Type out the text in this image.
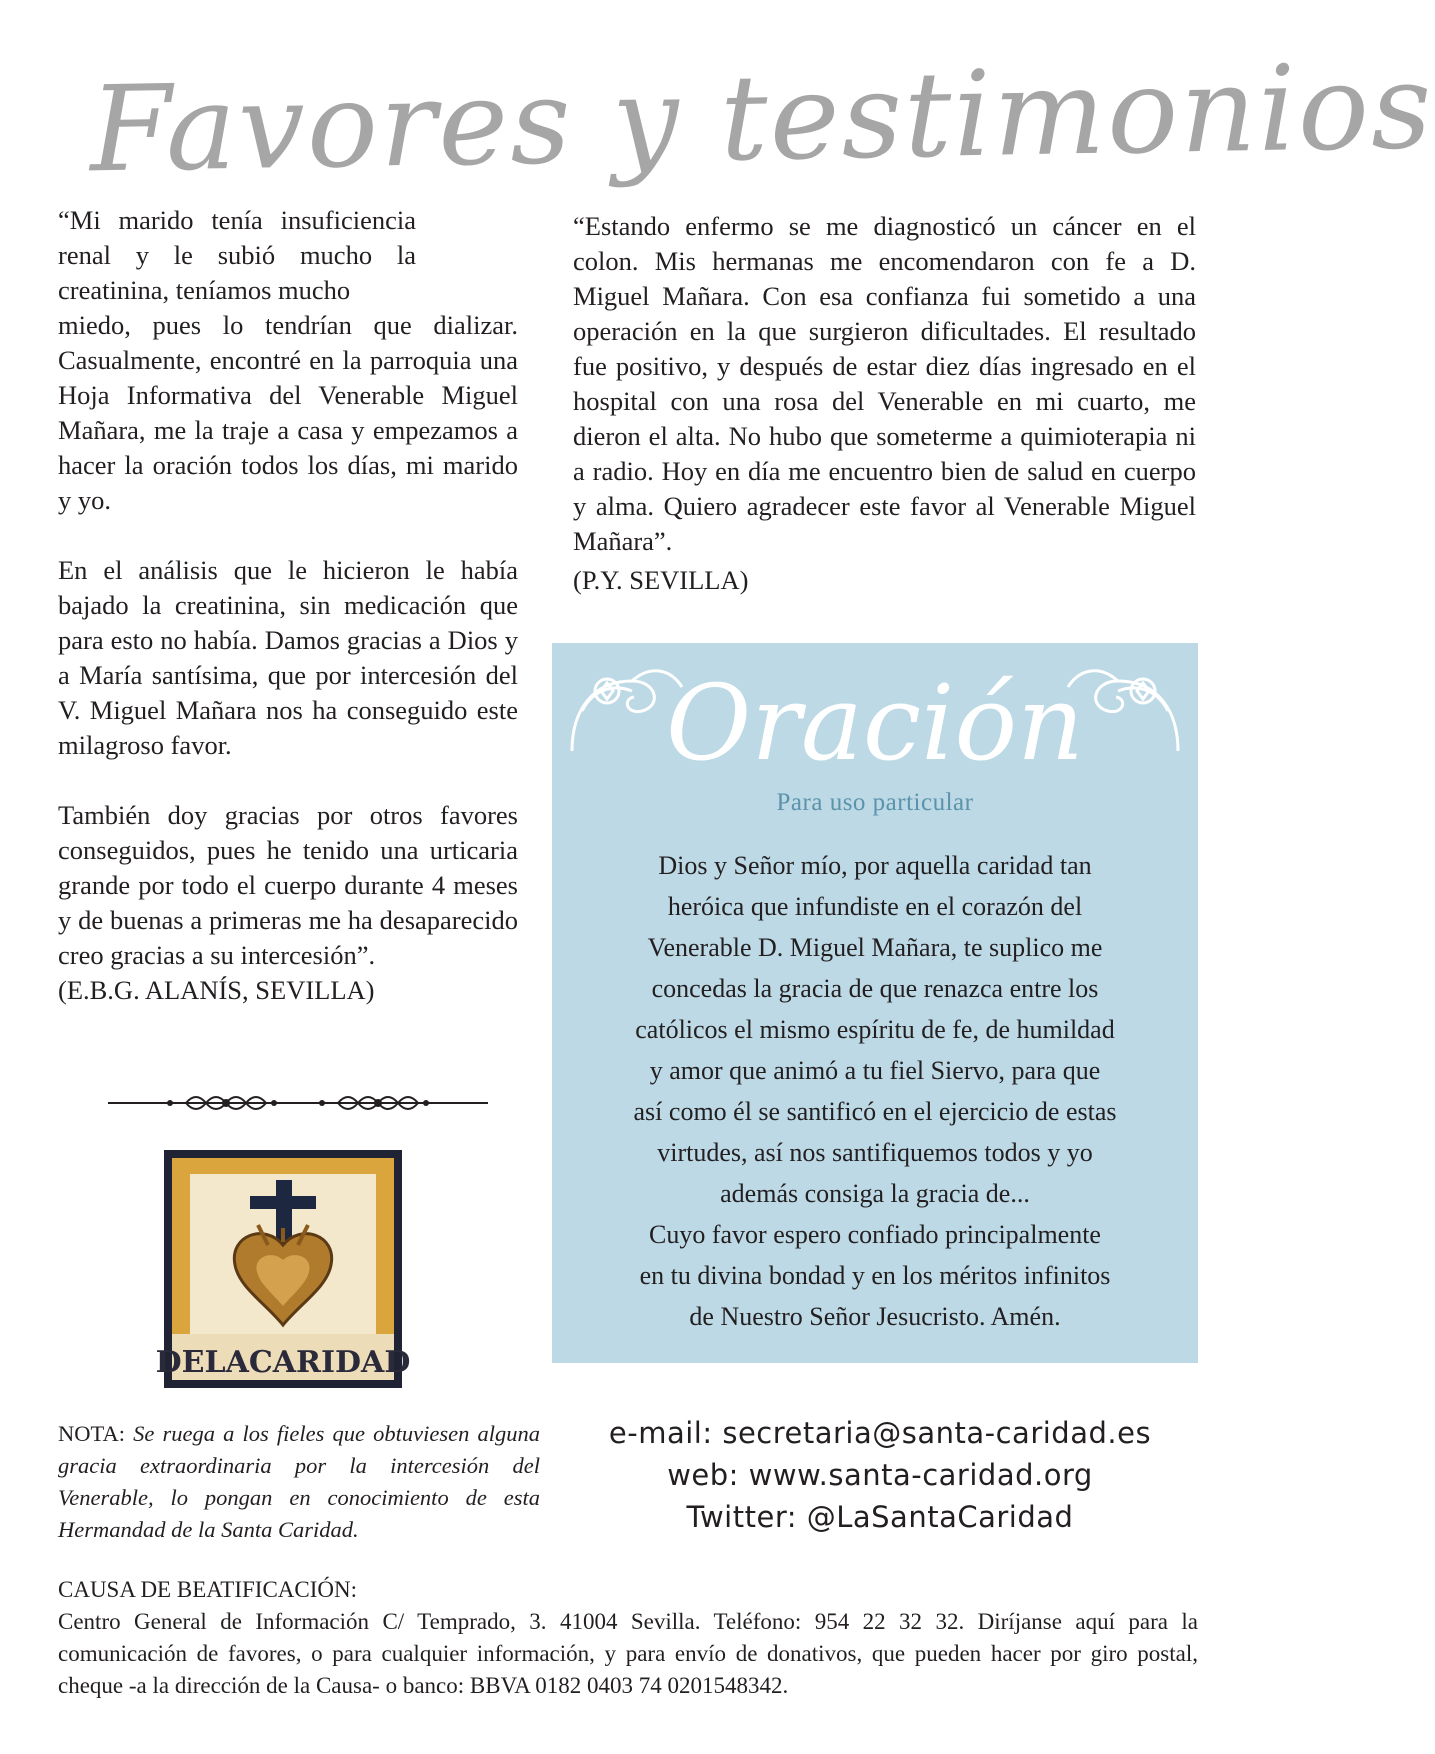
Favores y testimonios

“Mi marido tenía insuficiencia renal y le subió mucho la creatinina, teníamos mucho
miedo, pues lo tendrían que dializar. Casualmente, encontré en la parroquia una Hoja Informativa del Venerable Miguel Mañara, me la traje a casa y empezamos a hacer la oración todos los días, mi marido y yo.

En el análisis que le hicieron le había bajado la creatinina, sin medicación que para esto no había. Damos gracias a Dios y a María santísima, que por intercesión del V. Miguel Mañara nos ha conseguido este milagroso favor.

También doy gracias por otros favores conseguidos, pues he tenido una urticaria grande por todo el cuerpo durante 4 meses y de buenas a primeras me ha desaparecido creo gracias a su intercesión”.

(E.B.G. ALANÍS, SEVILLA)

“Estando enfermo se me diagnosticó un cáncer en el colon. Mis hermanas me encomendaron con fe a D. Miguel Mañara. Con esa confianza fui sometido a una operación en la que surgieron dificultades. El resultado fue positivo, y después de estar diez días ingresado en el hospital con una rosa del Venerable en mi cuarto, me dieron el alta. No hubo que someterme a quimioterapia ni a radio. Hoy en día me encuentro bien de salud en cuerpo y alma. Quiero agradecer este favor al Venerable Miguel Mañara”.

(P.Y. SEVILLA)

DELACARIDAD
Oración
Para uso particular
Dios y Señor mío, por aquella caridad tan
heróica que infundiste en el corazón del
Venerable D. Miguel Mañara, te suplico me
concedas la gracia de que renazca entre los
católicos el mismo espíritu de fe, de humildad
y amor que animó a tu fiel Siervo, para que
así como él se santificó en el ejercicio de estas
virtudes, así nos santifiquemos todos y yo
además consiga la gracia de...
Cuyo favor espero confiado principalmente
en tu divina bondad y en los méritos infinitos
de Nuestro Señor Jesucristo. Amén.
NOTA: Se ruega a los fieles que obtuviesen alguna gracia extraordinaria por la intercesión del Venerable, lo pongan en conocimiento de esta Hermandad de la Santa Caridad.
e-mail: secretaria@santa-caridad.es
web: www.santa-caridad.org
Twitter: @LaSantaCaridad
CAUSA DE BEATIFICACIÓN:
Centro General de Información C/ Temprado, 3. 41004 Sevilla. Teléfono: 954 22 32 32. Diríjanse aquí para la comunicación de favores, o para cualquier información, y para envío de donativos, que pueden hacer por giro postal, cheque -a la dirección de la Causa- o banco: BBVA 0182 0403 74 0201548342.
